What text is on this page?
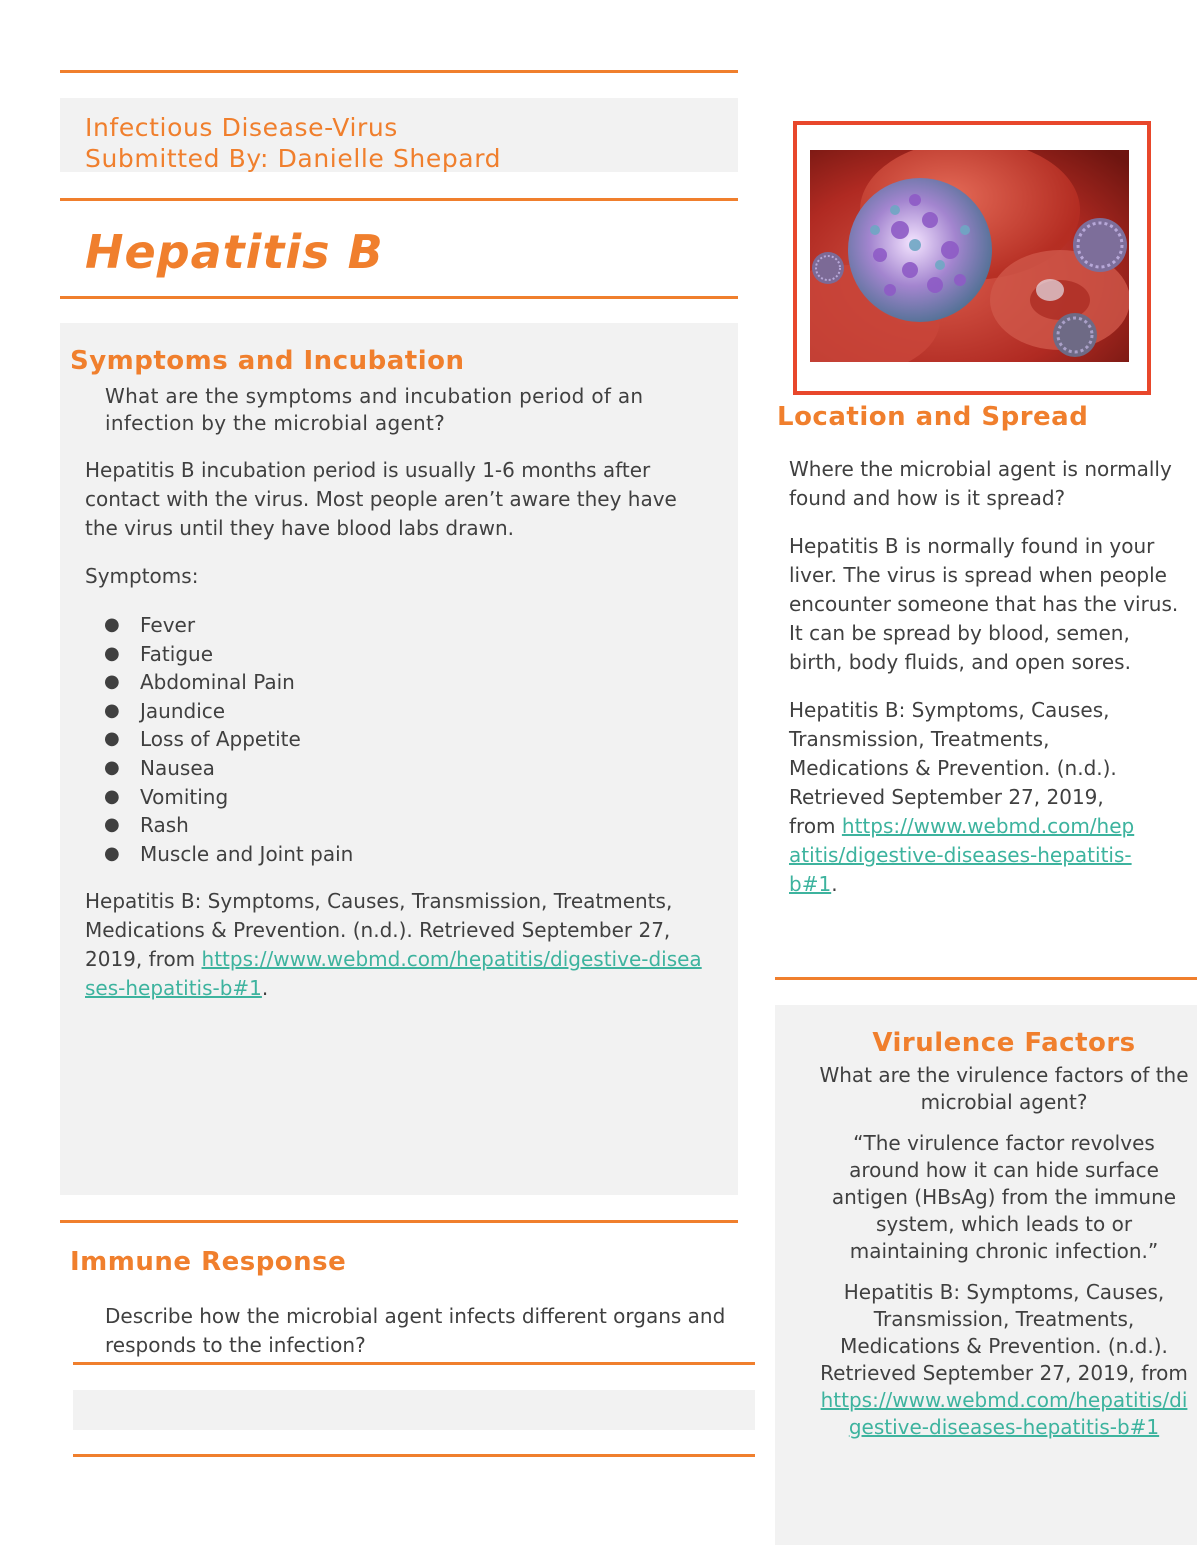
Infectious Disease-Virus
Submitted By: Danielle Shepard
Hepatitis B
Symptoms and Incubation

What are the symptoms and incubation period of an infection by the microbial agent?

Hepatitis B incubation period is usually 1-6 months after contact with the virus. Most people aren’t aware they have the virus until they have blood labs drawn.

Symptoms:

● Fever
● Fatigue
● Abdominal Pain
● Jaundice
● Loss of Appetite
● Nausea
● Vomiting
● Rash
● Muscle and Joint pain

Hepatitis B: Symptoms, Causes, Transmission, Treatments, Medications & Prevention. (n.d.). Retrieved September 27, 2019, from https://www.webmd.com/hepatitis/digestive-diseases-hepatitis-b#1.

Immune Response

Describe how the microbial agent infects different organs and responds to the infection?

Location and Spread

Where the microbial agent is normally found and how is it spread?

Hepatitis B is normally found in your liver. The virus is spread when people encounter someone that has the virus. It can be spread by blood, semen, birth, body fluids, and open sores.

Hepatitis B: Symptoms, Causes, Transmission, Treatments, Medications & Prevention. (n.d.). Retrieved September 27, 2019, from https://www.webmd.com/hepatitis/digestive-diseases-hepatitis-b#1.

Virulence Factors

What are the virulence factors of the microbial agent?

“The virulence factor revolves around how it can hide surface antigen (HBsAg) from the immune system, which leads to or maintaining chronic infection.”

Hepatitis B: Symptoms, Causes, Transmission, Treatments, Medications & Prevention. (n.d.). Retrieved September 27, 2019, from https://www.webmd.com/hepatitis/digestive-diseases-hepatitis-b#1
